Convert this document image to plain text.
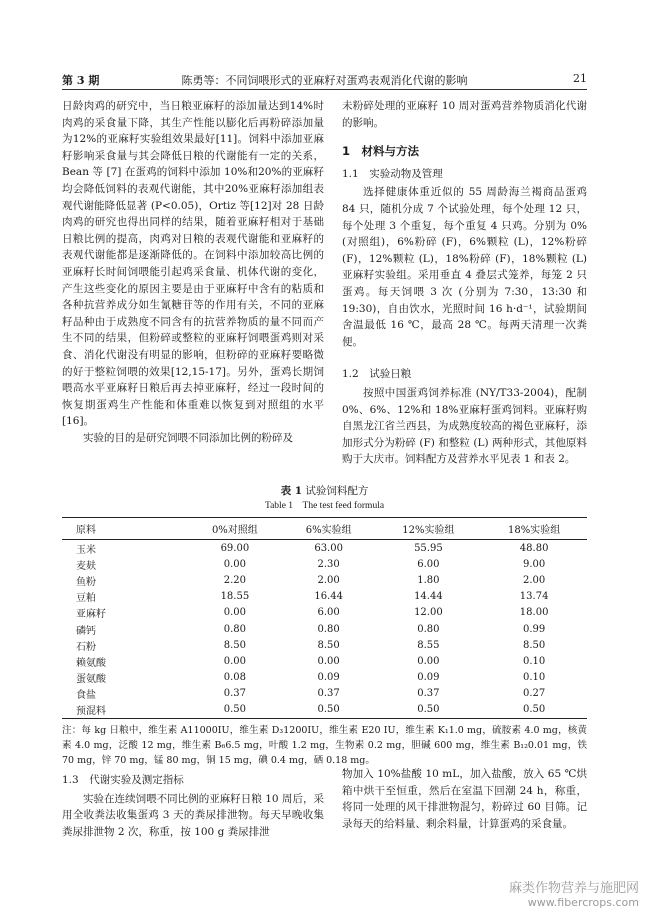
第 3 期	陈勇等：不同饲喂形式的亚麻籽对蛋鸡表观消化代谢的影响	21

日龄肉鸡的研究中，当日粮亚麻籽的添加量达到14%时肉鸡的采食量下降，其生产性能以膨化后再粉碎添加量为12%的亚麻籽实验组效果最好[11]。饲料中添加亚麻籽影响采食量与其会降低日粮的代谢能有一定的关系，Bean 等 [7] 在蛋鸡的饲料中添加 10%和20%的亚麻籽均会降低饲料的表观代谢能，其中20%亚麻籽添加组表观代谢能降低显著 (P<0.05)，Ortiz 等[12]对 28 日龄肉鸡的研究也得出同样的结果，随着亚麻籽相对于基础日粮比例的提高，肉鸡对日粮的表观代谢能和亚麻籽的表观代谢能都是逐渐降低的。在饲料中添加较高比例的亚麻籽长时间饲喂能引起鸡采食量、机体代谢的变化，产生这些变化的原因主要是由于亚麻籽中含有的粘质和各种抗营养成分如生氰糖苷等的作用有关，不同的亚麻籽品种由于成熟度不同含有的抗营养物质的量不同而产生不同的结果，但粉碎或整粒的亚麻籽饲喂蛋鸡则对采食、消化代谢没有明显的影响，但粉碎的亚麻籽要略微的好于整粒饲喂的效果[12,15-17]。另外，蛋鸡长期饲喂高水平亚麻籽日粮后再去掉亚麻籽，经过一段时间的恢复期蛋鸡生产性能和体重难以恢复到对照组的水平[16]。

实验的目的是研究饲喂不同添加比例的粉碎及

未粉碎处理的亚麻籽 10 周对蛋鸡营养物质消化代谢的影响。

1　材料与方法
1.1　实验动物及管理

选择健康体重近似的 55 周龄海兰褐商品蛋鸡 84 只，随机分成 7 个试验处理，每个处理 12 只，每个处理 3 个重复，每个重复 4 只鸡。分别为 0%(对照组)，6%粉碎 (F)，6%颗粒 (L)，12%粉碎 (F)，12%颗粒 (L)，18%粉碎 (F)，18%颗粒 (L) 亚麻籽实验组。采用垂直 4 叠层式笼养，每笼 2 只蛋鸡。每天饲喂 3 次 (分别为 7:30，13:30 和 19:30)，自由饮水，光照时间 16 h·d⁻¹，试验期间舍温最低 16 ℃，最高 28 ℃。每两天清理一次粪便。

1.2　试验日粮

按照中国蛋鸡饲养标准 (NY/T33-2004)，配制 0%、6%、12%和 18%亚麻籽蛋鸡饲料。亚麻籽购自黑龙江省兰西县，为成熟度较高的褐色亚麻籽，添加形式分为粉碎 (F) 和整粒 (L) 两种形式，其他原料购于大庆市。饲料配方及营养水平见表 1 和表 2。

表 1 试验饲料配方
Table 1　The test feed formula
原料	0%对照组	6%实验组	12%实验组	18%实验组
玉米	69.00	63.00	55.95	48.80
麦麸	0.00	2.30	6.00	9.00
鱼粉	2.20	2.00	1.80	2.00
豆粕	18.55	16.44	14.44	13.74
亚麻籽	0.00	6.00	12.00	18.00
磷钙	0.80	0.80	0.80	0.99
石粉	8.50	8.50	8.55	8.50
赖氨酸	0.00	0.00	0.00	0.10
蛋氨酸	0.08	0.09	0.09	0.10
食盐	0.37	0.37	0.37	0.27
预混料	0.50	0.50	0.50	0.50
注：每 kg 日粮中，维生素 A11000IU，维生素 D₃1200IU，维生素 E20 IU，维生素 K₁1.0 mg，硫胺素 4.0 mg，核黄素 4.0 mg，泛酸 12 mg，维生素 B₆6.5 mg，叶酸 1.2 mg，生物素 0.2 mg，胆碱 600 mg，维生素 B₁₂0.01 mg，铁 70 mg，锌 70 mg，锰 80 mg，铜 15 mg，碘 0.4 mg，硒 0.18 mg。
1.3　代谢实验及测定指标

实验在连续饲喂不同比例的亚麻籽日粮 10 周后，采用全收粪法收集蛋鸡 3 天的粪尿排泄物。每天早晚收集粪尿排泄物 2 次，称重，按 100 g 粪尿排泄

物加入 10%盐酸 10 mL，加入盐酸，放入 65 ℃烘箱中烘干至恒重，然后在室温下回潮 24 h，称重，将同一处理的风干排泄物混匀，粉碎过 60 目筛。记录每天的给料量、剩余料量，计算蛋鸡的采食量。

麻类作物营养与施肥网
www.fibercrops.com
